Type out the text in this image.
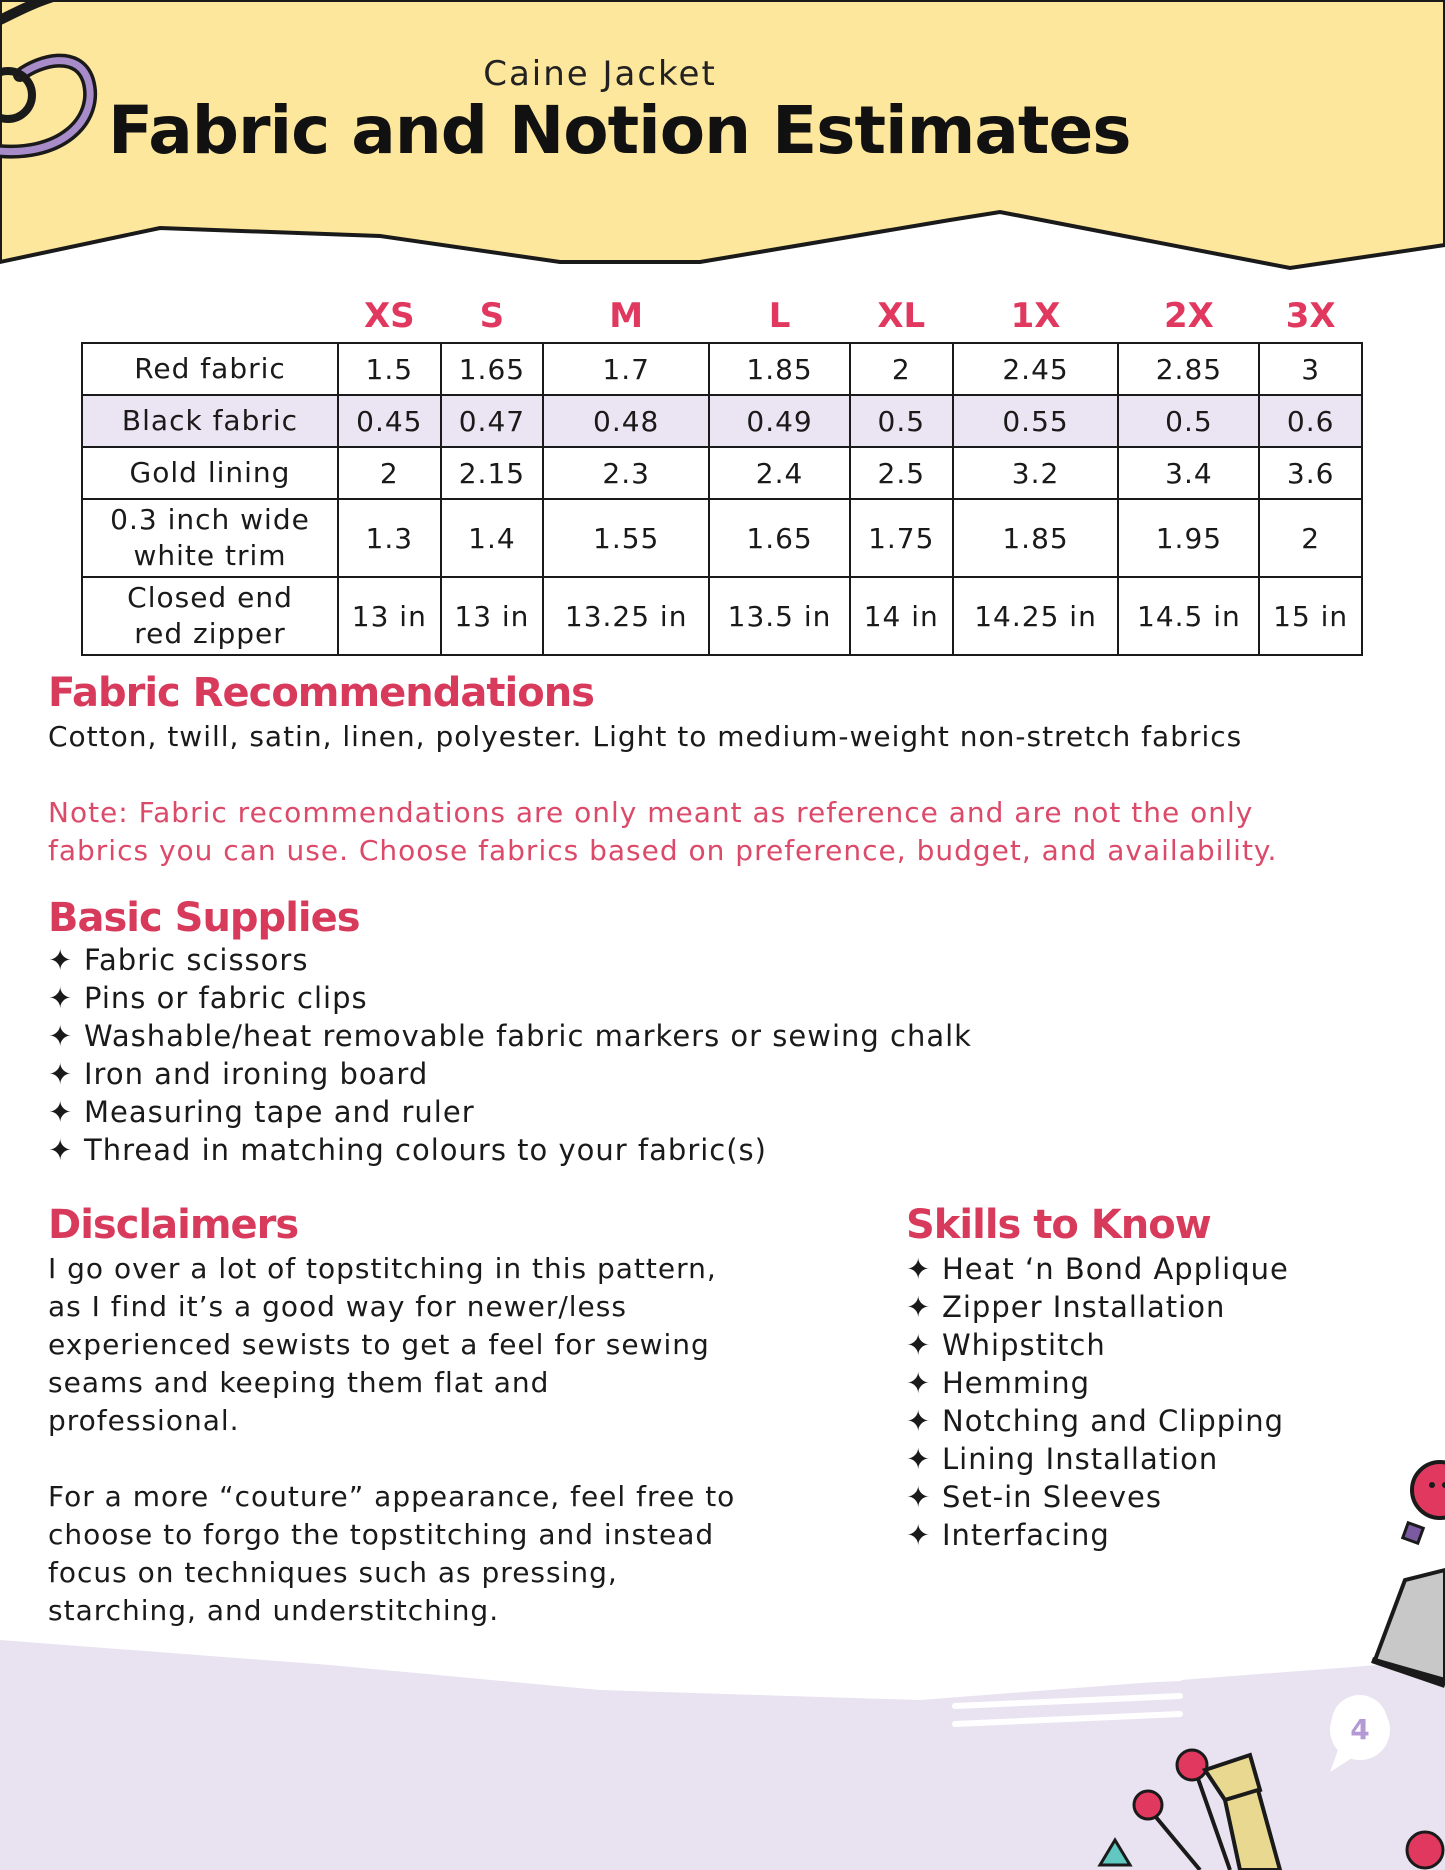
Caine Jacket
Fabric and Notion Estimates
	XS	S	M	L	XL	1X	2X	3X
Red fabric	1.5	1.65	1.7	1.85	2	2.45	2.85	3
Black fabric	0.45	0.47	0.48	0.49	0.5	0.55	0.5	0.6
Gold lining	2	2.15	2.3	2.4	2.5	3.2	3.4	3.6
0.3 inch wide
white trim	1.3	1.4	1.55	1.65	1.75	1.85	1.95	2
Closed end
red zipper	13 in	13 in	13.25 in	13.5 in	14 in	14.25 in	14.5 in	15 in
Fabric Recommendations
Cotton, twill, satin, linen, polyester. Light to medium-weight non-stretch fabrics
Note: Fabric recommendations are only meant as reference and are not the only
fabrics you can use. Choose fabrics based on preference, budget, and availability.
Basic Supplies
✦ Fabric scissors
✦ Pins or fabric clips
✦ Washable/heat removable fabric markers or sewing chalk
✦ Iron and ironing board
✦ Measuring tape and ruler
✦ Thread in matching colours to your fabric(s)
Disclaimers
I go over a lot of topstitching in this pattern,
as I find it’s a good way for newer/less
experienced sewists to get a feel for sewing
seams and keeping them flat and
professional.
For a more “couture” appearance, feel free to
choose to forgo the topstitching and instead
focus on techniques such as pressing,
starching, and understitching.
Skills to Know
✦ Heat ‘n Bond Applique
✦ Zipper Installation
✦ Whipstitch
✦ Hemming
✦ Notching and Clipping
✦ Lining Installation
✦ Set-in Sleeves
✦ Interfacing
4
